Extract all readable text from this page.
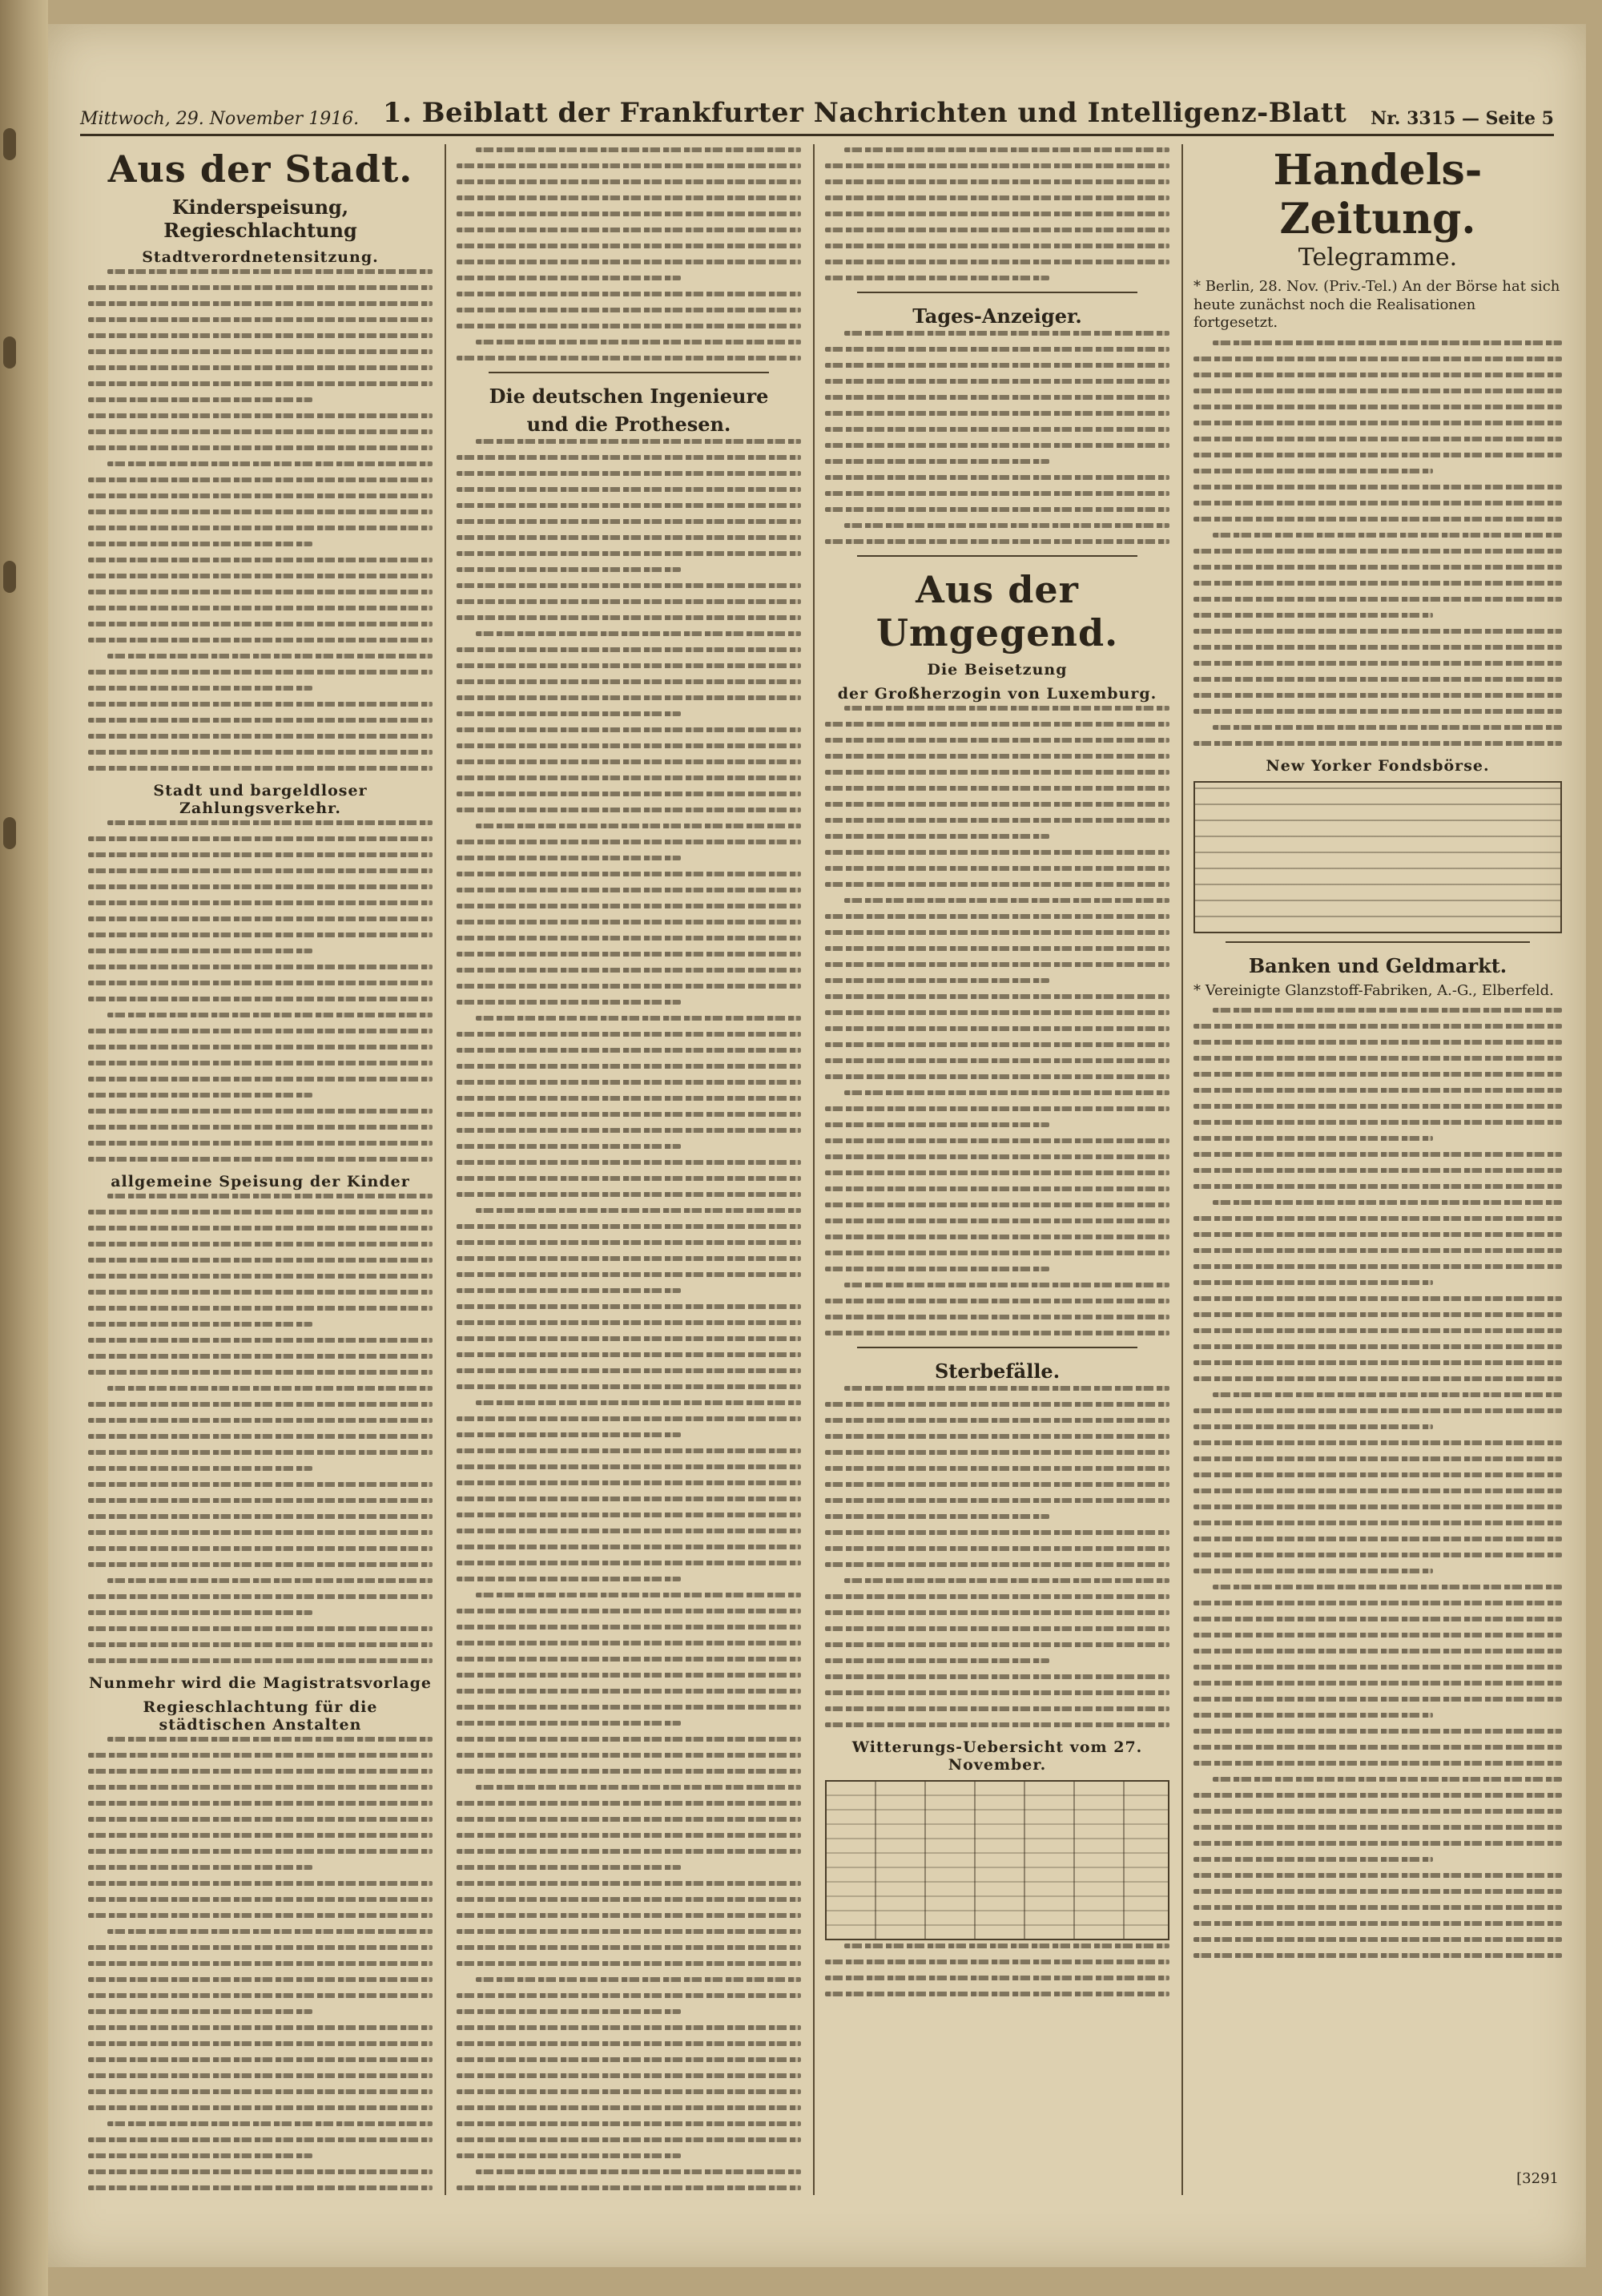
Mittwoch, 29. November 1916. 1. Beiblatt der Frankfurter Nachrichten und Intelligenz-Blatt Nr. 3315 — Seite 5
Aus der Stadt.
Kinderspeisung, Regieschlachtung
Stadtverordnetensitzung.
Stadt und bargeldloser Zahlungsverkehr.
allgemeine Speisung der Kinder
Nunmehr wird die Magistratsvorlage
Regieschlachtung für die städtischen Anstalten
Die deutschen Ingenieure
und die Prothesen.
Tages-Anzeiger.
Aus der Umgegend.
Die Beisetzung
der Großherzogin von Luxemburg.
Sterbefälle.
Witterungs-Uebersicht vom 27. November.
Handels-Zeitung.
Telegramme.

* Berlin, 28. Nov. (Priv.-Tel.) An der Börse hat sich heute zunächst noch die Realisationen fortgesetzt.

New Yorker Fondsbörse.
Banken und Geldmarkt.

* Vereinigte Glanzstoff-Fabriken, A.-G., Elberfeld.

[3291
